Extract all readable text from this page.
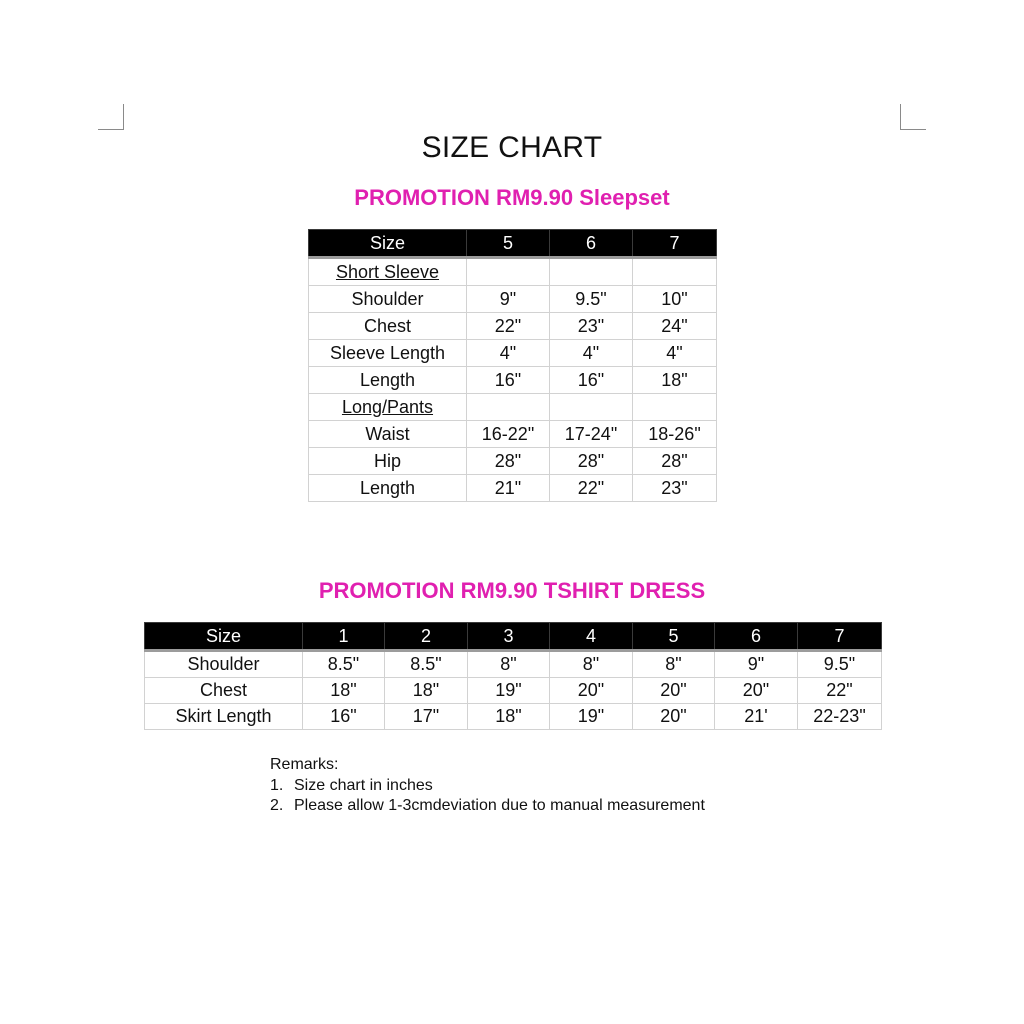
SIZE CHART
PROMOTION RM9.90 Sleepset
Size	5	6	7
Short Sleeve			
Shoulder	9"	9.5"	10"
Chest	22"	23"	24"
Sleeve Length	4"	4"	4"
Length	16"	16"	18"
Long/Pants			
Waist	16-22"	17-24"	18-26"
Hip	28"	28"	28"
Length	21"	22"	23"
PROMOTION RM9.90 TSHIRT DRESS
Size	1	2	3	4	5	6	7
Shoulder	8.5"	8.5"	8"	8"	8"	9"	9.5"
Chest	18"	18"	19"	20"	20"	20"	22"
Skirt Length	16"	17"	18"	19"	20"	21'	22-23"
Remarks:
1. Size chart in inches
2. Please allow 1-3cmdeviation due to manual measurement
